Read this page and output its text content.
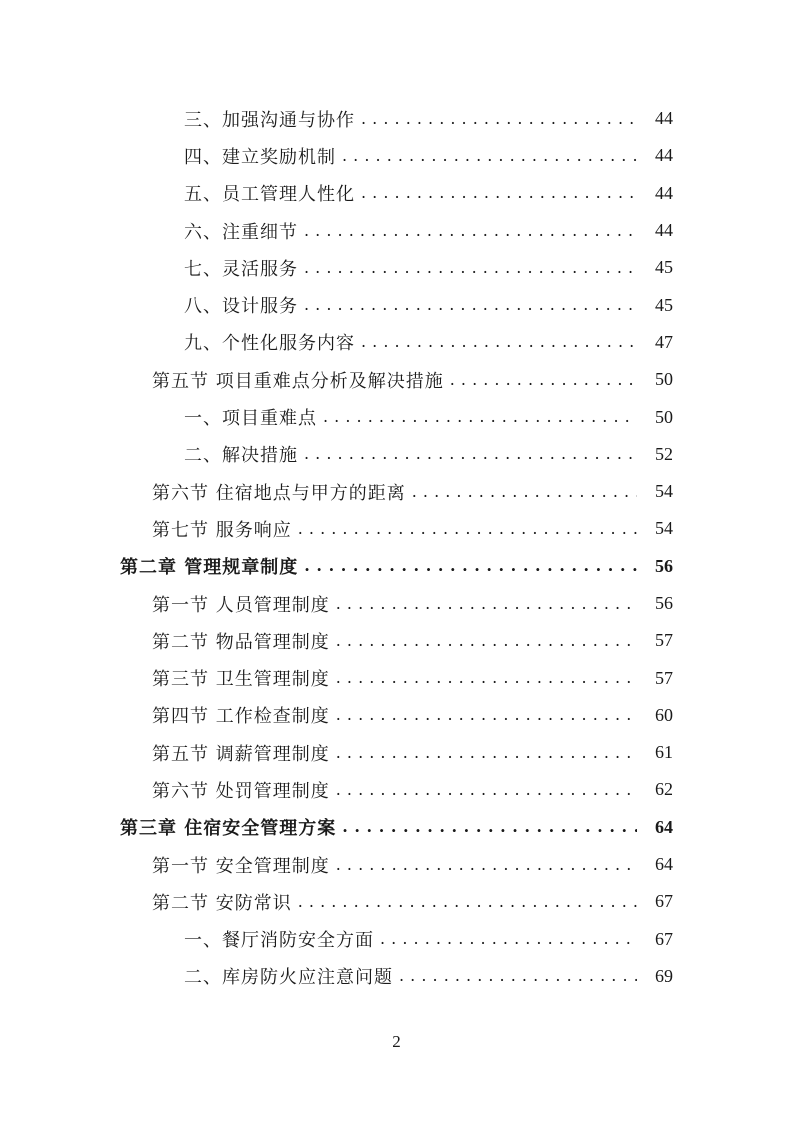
三、加强沟通与协作 . . .	44
四、建立奖励机制 . . .	44
五、员工管理人性化 . . .	44
六、注重细节 . . .	44
七、灵活服务 . . .	45
八、设计服务 . . .	45
九、个性化服务内容 . . .	47
第五节 项目重难点分析及解决措施 . . .	50
一、项目重难点 . . .	50
二、解决措施 . . .	52
第六节 住宿地点与甲方的距离 . . .	54
第七节 服务响应 . . .	54
第二章 管理规章制度 . . .	56
第一节 人员管理制度 . . .	56
第二节 物品管理制度 . . .	57
第三节 卫生管理制度 . . .	57
第四节 工作检查制度 . . .	60
第五节 调薪管理制度 . . .	61
第六节 处罚管理制度 . . .	62
第三章 住宿安全管理方案 . . .	64
第一节 安全管理制度 . . .	64
第二节 安防常识 . . .	67
一、餐厅消防安全方面 . . .	67
二、库房防火应注意问题 . . .	69
2
